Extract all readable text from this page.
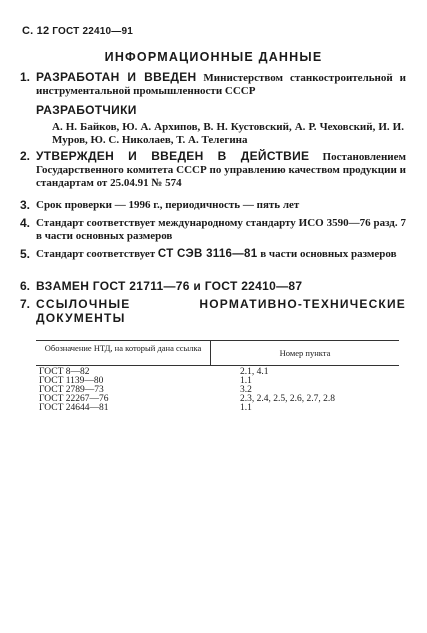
С. 12 ГОСТ 22410—91
ИНФОРМАЦИОННЫЕ ДАННЫЕ
1. РАЗРАБОТАН И ВВЕДЕН Министерством станкостроительной и инструментальной промышленности СССР
РАЗРАБОТЧИКИ
А. Н. Байков, Ю. А. Архипов, В. Н. Кустовский, А. Р. Чеховский, И. И. Муров, Ю. С. Николаев, Т. А. Телегина
2. УТВЕРЖДЕН И ВВЕДЕН В ДЕЙСТВИЕ Постановлением Государственного комитета СССР по управлению качеством продукции и стандартам от 25.04.91 № 574
3. Срок проверки — 1996 г., периодичность — пять лет
4. Стандарт соответствует международному стандарту ИСО 3590—76 разд. 7 в части основных размеров
5. Стандарт соответствует СТ СЭВ 3116—81 в части основных размеров
6. ВЗАМЕН ГОСТ 21711—76 и ГОСТ 22410—87
7. ССЫЛОЧНЫЕ НОРМАТИВНО-ТЕХНИЧЕСКИЕ ДОКУМЕНТЫ
Обозначение НТД, на который дана ссылка	Номер пункта
ГОСТ 8—82	2.1, 4.1
ГОСТ 1139—80	1.1
ГОСТ 2789—73	3.2
ГОСТ 22267—76	2.3, 2.4, 2.5, 2.6, 2.7, 2.8
ГОСТ 24644—81	1.1
